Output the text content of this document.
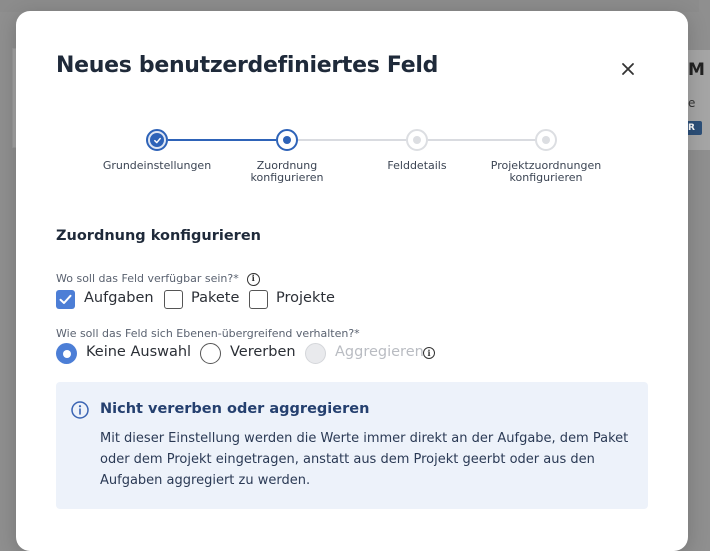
M
e
R
Neues benutzerdefiniertes Feld
Grundeinstellungen	Zuordnung
konfigurieren
Felddetails	Projektzuordnungen
konfigurieren
Zuordnung konfigurieren
Wo soll das Feld verfügbar sein?* i
Aufgaben	Pakete	Projekte
Wie soll das Feld sich Ebenen-übergreifend verhalten?*
Keine Auswahl	Vererben	Aggregieren i
Nicht vererben oder aggregieren
Mit dieser Einstellung werden die Werte immer direkt an der Aufgabe, dem Paket
oder dem Projekt eingetragen, anstatt aus dem Projekt geerbt oder aus den
Aufgaben aggregiert zu werden.
